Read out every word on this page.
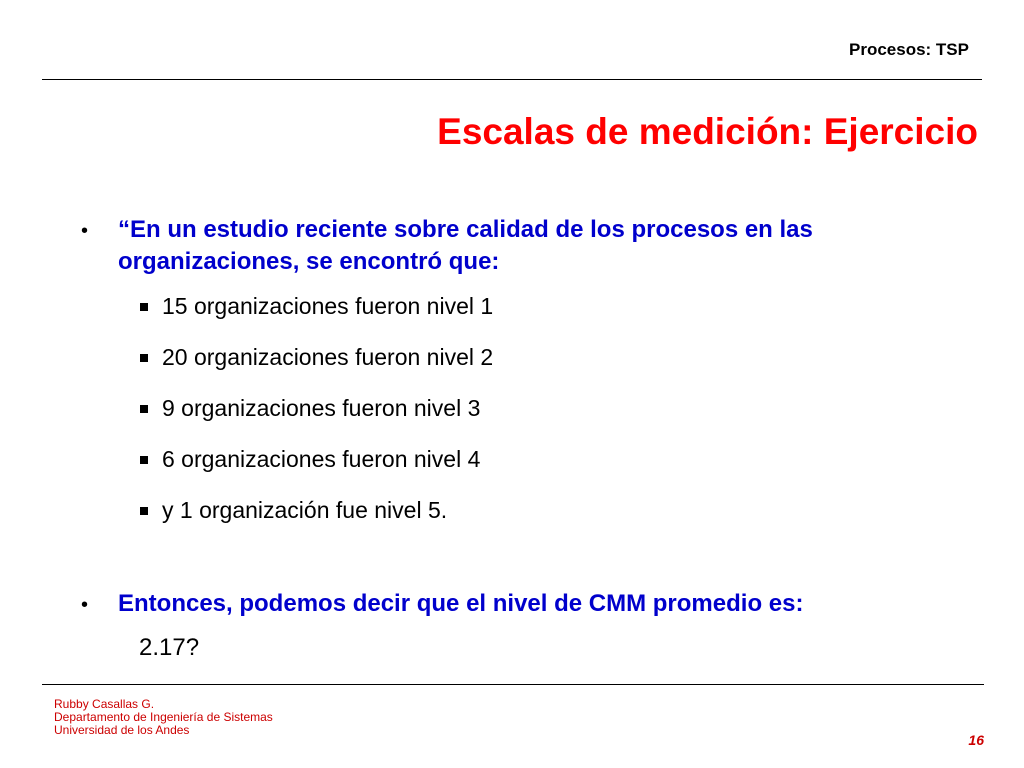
Procesos: TSP
Escalas de medición: Ejercicio
• “En un estudio reciente sobre calidad de los procesos en las organizaciones, se encontró que:
15 organizaciones fueron nivel 1
20 organizaciones fueron nivel 2
9 organizaciones fueron nivel 3
6 organizaciones fueron nivel 4
y 1 organización fue nivel 5.
• Entonces, podemos decir que el nivel de CMM promedio es:
2.17?
Rubby Casallas G.
Departamento de Ingeniería de Sistemas
Universidad de los Andes
16
